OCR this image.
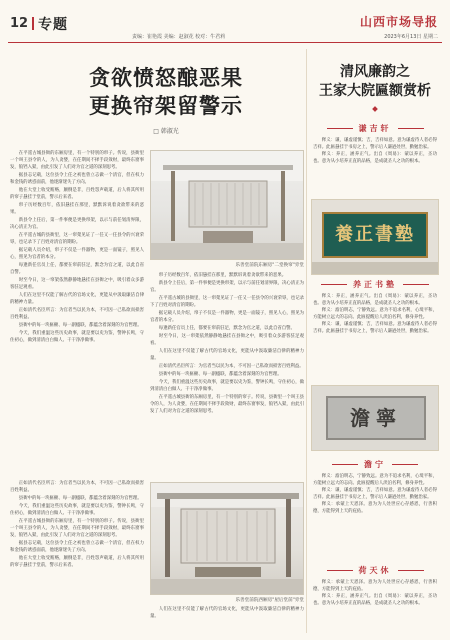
12 专题
责编：崔艳霞 美编：赵淑花 校对：牛君莉
山西市场导报
2023年6月13日 星期二
贪欲愤怒酿恶果
更换帘架留警示
□ 韩淑光
乐善堂前院东厢房"二堂换帘"旁堂

在平遥古城县衙的东厢房里，有一个特别的帘子。传说，县衙里一个叫王县令的人，为人贪婪，在任期间不择手段敛财，最终东窗事发，锒铛入狱，由此引发了人们对为官之道的深刻思考。

据县志记载，这位县令上任之初也曾立志做一个清官，但在权力和金钱的诱惑面前，他逐渐迷失了方向。

他在大堂上收受贿赂，颠倒是非，百姓怨声载道，后人将其所用的帘子悬挂于堂前，警示后来者。

帘子历经数百年，依旧悬挂在那里，默默诉说着贪欲带来的恶果。

新县令上任后，第一件事便是更换帘架，以示与前任划清界限，决心清正为官。

在平遥古城的县衙里，这一帘架见证了一任又一任县令的兴衰荣辱，也记录下了百姓对清官的期盼。

据记载人员介绍，帘子不仅是一件器物，更是一面镜子，照见人心，照见为官者的本分。

每逢新任官员上任，都要在帘前驻足，默念为官之道，以此自省自警。

时至今日，这一帘架依然静静地悬挂在县衙之中，吸引着众多游客驻足观看。

人们在这里不仅能了解古代的官场文化，更能从中汲取廉洁自律的精神力量。

正如清代名臣所言：为官者当以民为本，不可因一己私欲而损害百姓利益。

县衙中的每一块匾额、每一副楹联，都蕴含着深刻的为官哲理。

今天，我们重温这些历史故事，就是要以史为鉴，警钟长鸣，守住初心，做到清清白白做人、干干净净做事。

正如清代名臣所言：为官者当以民为本，不可因一己私欲而损害百姓利益。

县衙中的每一块匾额、每一副楹联，都蕴含着深刻的为官哲理。

今天，我们重温这些历史故事，就是要以史为鉴，警钟长鸣，守住初心，做到清清白白做人、干干净净做事。

在平遥古城县衙的东厢房里，有一个特别的帘子。传说，县衙里一个叫王县令的人，为人贪婪，在任期间不择手段敛财，最终东窗事发，锒铛入狱，由此引发了人们对为官之道的深刻思考。

据县志记载，这位县令上任之初也曾立志做一个清官，但在权力和金钱的诱惑面前，他逐渐迷失了方向。

他在大堂上收受贿赂，颠倒是非，百姓怨声载道，后人将其所用的帘子悬挂于堂前，警示后来者。

帘子历经数百年，依旧悬挂在那里，默默诉说着贪欲带来的恶果。

新县令上任后，第一件事便是更换帘架，以示与前任划清界限，决心清正为官。

在平遥古城的县衙里，这一帘架见证了一任又一任县令的兴衰荣辱，也记录下了百姓对清官的期盼。

据记载人员介绍，帘子不仅是一件器物，更是一面镜子，照见人心，照见为官者的本分。

每逢新任官员上任，都要在帘前驻足，默念为官之道，以此自省自警。

时至今日，这一帘架依然静静地悬挂在县衙之中，吸引着众多游客驻足观看。

人们在这里不仅能了解古代的官场文化，更能从中汲取廉洁自律的精神力量。

正如清代名臣所言：为官者当以民为本，不可因一己私欲而损害百姓利益。

县衙中的每一块匾额、每一副楹联，都蕴含着深刻的为官哲理。

今天，我们重温这些历史故事，就是要以史为鉴，警钟长鸣，守住初心，做到清清白白做人、干干净净做事。

在平遥古城县衙的东厢房里，有一个特别的帘子。传说，县衙里一个叫王县令的人，为人贪婪，在任期间不择手段敛财，最终东窗事发，锒铛入狱，由此引发了人们对为官之道的深刻思考。

乐善堂前院西厢房"屋后堂前"旁堂

人们在这里不仅能了解古代的官场文化，更能从中汲取廉洁自律的精神力量。

清风廉韵之
王家大院匾额赏析
谦吉轩

释义：谦，谦虚谨慎；吉，吉祥如意。意为谦虚待人者必得吉祥。此匾悬挂于书房之上，警示后人谦逊处世，勤勉治家。

释义：养正，涵养正气。出自《周易》：蒙以养正，圣功也。意为从小培养正直的品格，是成就圣人之功的根本。

養正書塾
养正书塾

释义：养正，涵养正气。出自《周易》：蒙以养正，圣功也。意为从小培养正直的品格，是成就圣人之功的根本。

释义：澹泊明志，宁静致远。意为不追求名利，心境平和，方能树立远大的志向。此匾提醒后人淡泊名利，修身养性。

释义：谦，谦虚谨慎；吉，吉祥如意。意为谦虚待人者必得吉祥。此匾悬挂于书房之上，警示后人谦逊处世，勤勉治家。

澹寧
澹宁

释义：澹泊明志，宁静致远。意为不追求名利，心境平和，方能树立远大的志向。此匾提醒后人淡泊名利，修身养性。

释义：谦，谦虚谨慎；吉，吉祥如意。意为谦虚待人者必得吉祥。此匾悬挂于书房之上，警示后人谦逊处世，勤勉治家。

释义：承蒙上天恩泽。意为为人处世应心存感恩，行善积德，方能得到上天的庇佑。

荷天休

释义：承蒙上天恩泽。意为为人处世应心存感恩，行善积德，方能得到上天的庇佑。

释义：养正，涵养正气。出自《周易》：蒙以养正，圣功也。意为从小培养正直的品格，是成就圣人之功的根本。
